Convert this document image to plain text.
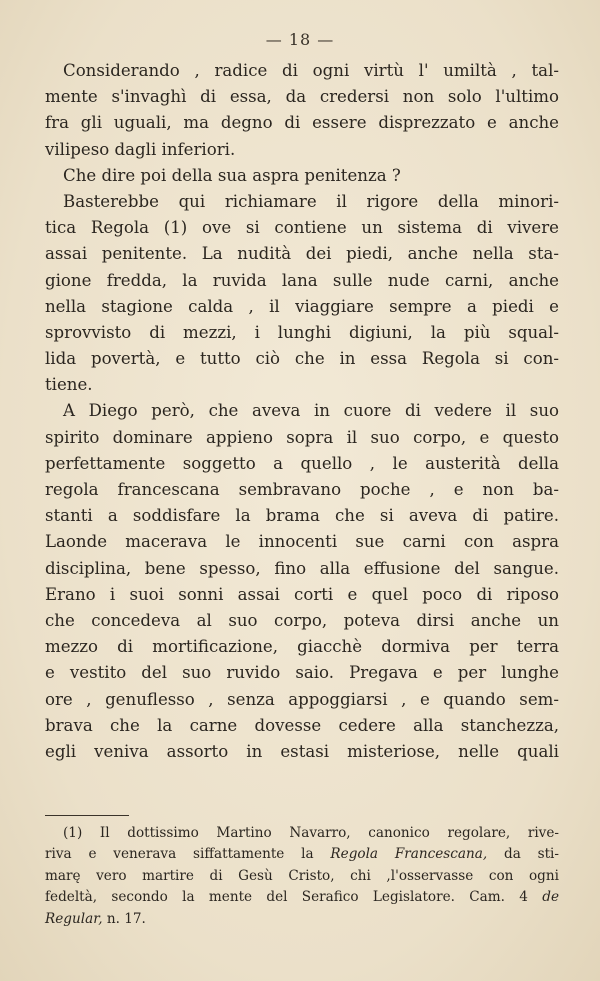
— 18 —
Considerando , radice di ogni virtù l' umiltà , tal-
mente s'invaghì di essa, da credersi non solo l'ultimo
fra gli uguali, ma degno di essere disprezzato e anche
vilipeso dagli inferiori.
Che dire poi della sua aspra penitenza ?
Basterebbe qui richiamare il rigore della minori-
tica Regola (1) ove si contiene un sistema di vivere
assai penitente. La nudità dei piedi, anche nella sta-
gione fredda, la ruvida lana sulle nude carni, anche
nella stagione calda , il viaggiare sempre a piedi e
sprovvisto di mezzi, i lunghi digiuni, la più squal-
lida povertà, e tutto ciò che in essa Regola si con-
tiene.
A Diego però, che aveva in cuore di vedere il suo
spirito dominare appieno sopra il suo corpo, e questo
perfettamente soggetto a quello , le austerità della
regola francescana sembravano poche , e non ba-
stanti a soddisfare la brama che si aveva di patire.
Laonde macerava le innocenti sue carni con aspra
disciplina, bene spesso, fino alla effusione del sangue.
Erano i suoi sonni assai corti e quel poco di riposo
che concedeva al suo corpo, poteva dirsi anche un
mezzo di mortificazione, giacchè dormiva per terra
e vestito del suo ruvido saio. Pregava e per lunghe
ore , genuflesso , senza appoggiarsi , e quando sem-
brava che la carne dovesse cedere alla stanchezza,
egli veniva assorto in estasi misteriose, nelle quali
(1) Il dottissimo Martino Navarro, canonico regolare, rive-
riva e venerava siffattamente la Regola Francescana, da sti-
marę vero martire di Gesù Cristo, chi ,l'osservasse con ogni
fedeltà, secondo la mente del Serafico Legislatore. Cam. 4 de
Regular, n. 17.
